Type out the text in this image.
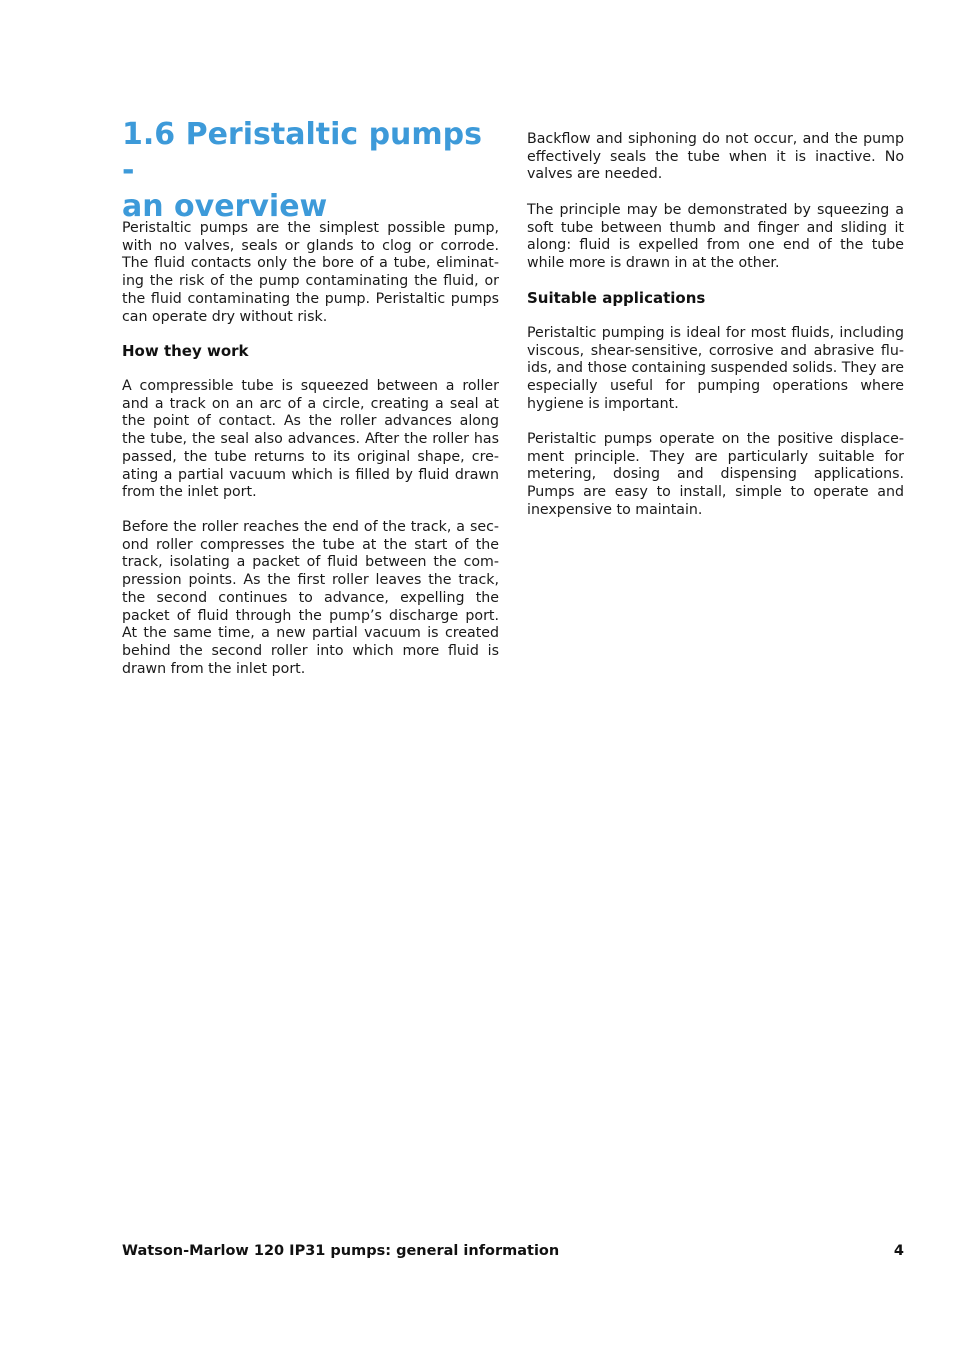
1.6 Peristaltic pumps -
an overview

Peristaltic pumps are the simplest possible pump, with no valves, seals or glands to clog or corrode. The fluid contacts only the bore of a tube, eliminating the risk of the pump contaminating the fluid, or the fluid contaminating the pump. Peristaltic pumps can operate dry without risk.

How they work

A compressible tube is squeezed between a roller and a track on an arc of a circle, creating a seal at the point of contact. As the roller advances along the tube, the seal also advances. After the roller has passed, the tube returns to its original shape, creating a partial vacuum which is filled by fluid drawn from the inlet port.

Before the roller reaches the end of the track, a second roller compresses the tube at the start of the track, isolating a packet of fluid between the compression points. As the first roller leaves the track, the second continues to advance, expelling the packet of fluid through the pump’s discharge port. At the same time, a new partial vacuum is created behind the second roller into which more fluid is drawn from the inlet port.

Backflow and siphoning do not occur, and the pump effectively seals the tube when it is inactive. No valves are needed.

The principle may be demonstrated by squeezing a soft tube between thumb and finger and sliding it along: fluid is expelled from one end of the tube while more is drawn in at the other.

Suitable applications

Peristaltic pumping is ideal for most fluids, including viscous, shear-sensitive, corrosive and abrasive fluids, and those containing suspended solids. They are especially useful for pumping operations where hygiene is important.

Peristaltic pumps operate on the positive displacement principle. They are particularly suitable for metering, dosing and dispensing applications. Pumps are easy to install, simple to operate and inexpensive to maintain.

Watson-Marlow 120 IP31 pumps: general information	4
